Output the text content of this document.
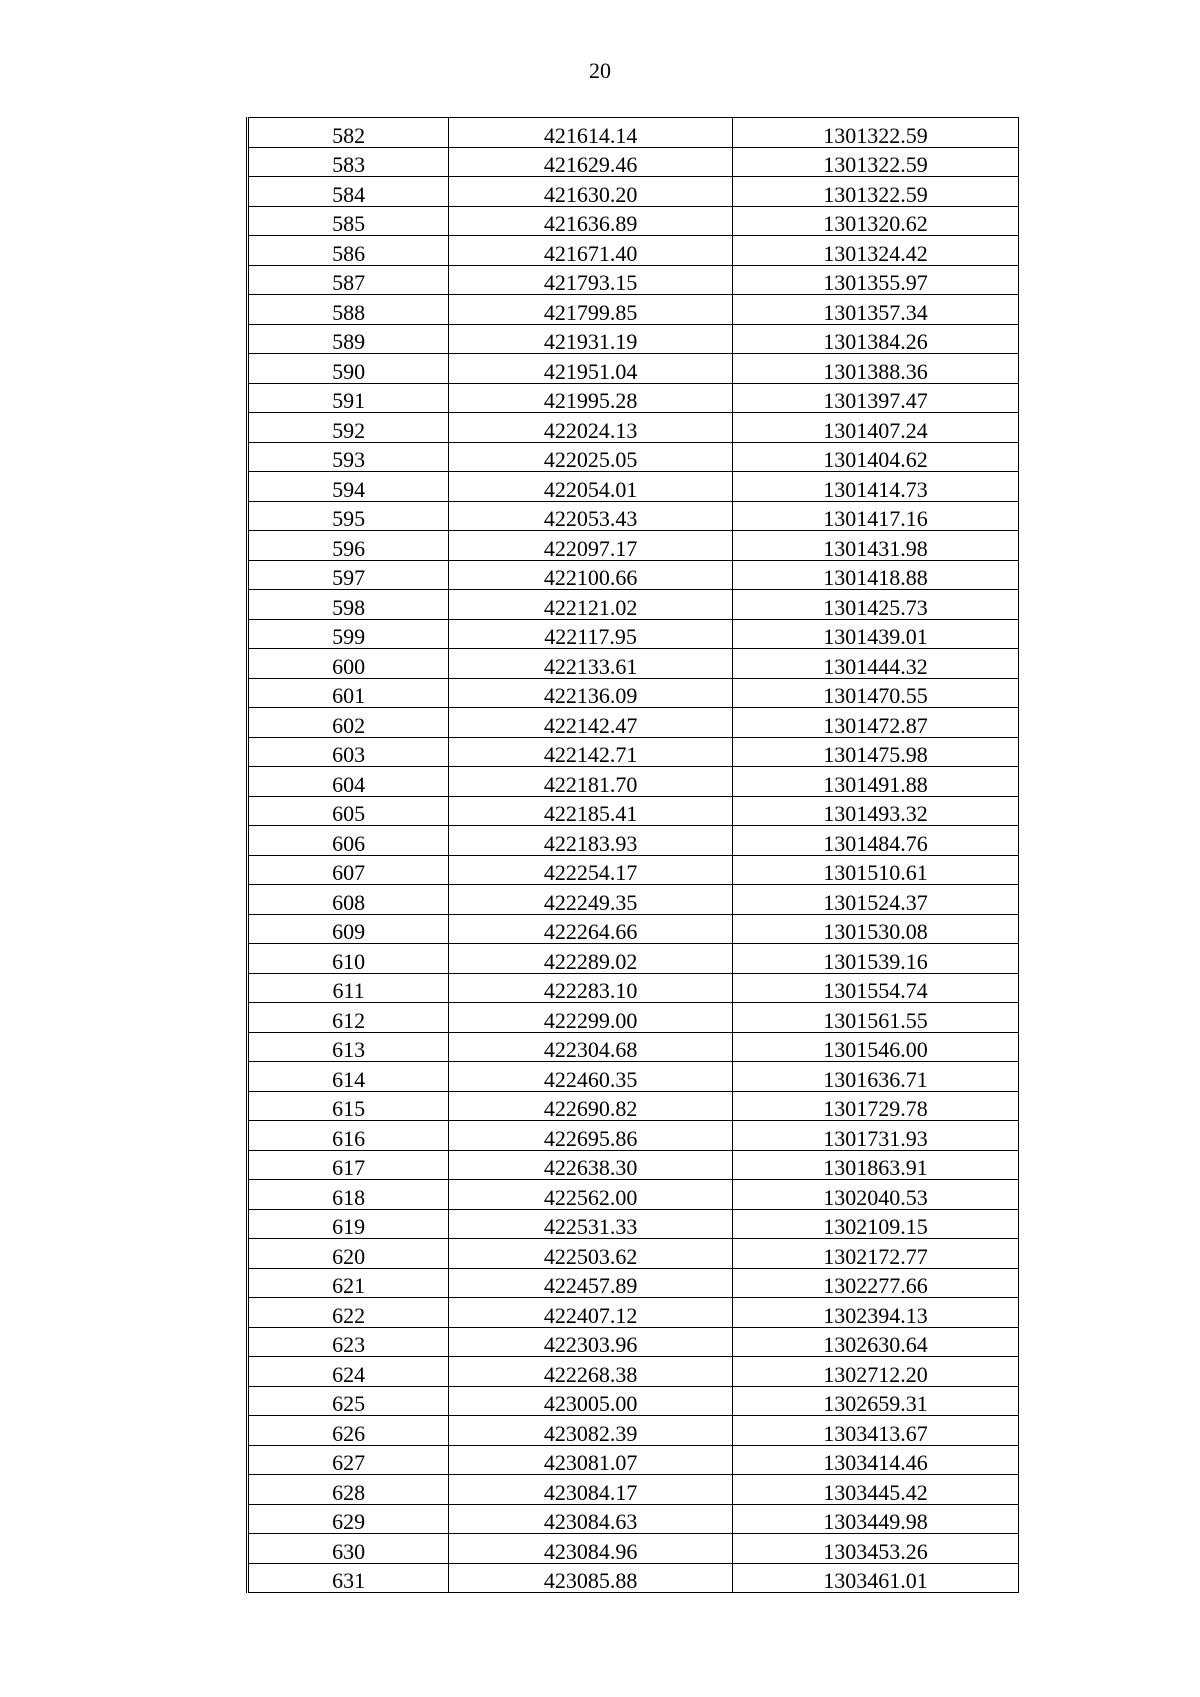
20
582	421614.14	1301322.59
583	421629.46	1301322.59
584	421630.20	1301322.59
585	421636.89	1301320.62
586	421671.40	1301324.42
587	421793.15	1301355.97
588	421799.85	1301357.34
589	421931.19	1301384.26
590	421951.04	1301388.36
591	421995.28	1301397.47
592	422024.13	1301407.24
593	422025.05	1301404.62
594	422054.01	1301414.73
595	422053.43	1301417.16
596	422097.17	1301431.98
597	422100.66	1301418.88
598	422121.02	1301425.73
599	422117.95	1301439.01
600	422133.61	1301444.32
601	422136.09	1301470.55
602	422142.47	1301472.87
603	422142.71	1301475.98
604	422181.70	1301491.88
605	422185.41	1301493.32
606	422183.93	1301484.76
607	422254.17	1301510.61
608	422249.35	1301524.37
609	422264.66	1301530.08
610	422289.02	1301539.16
611	422283.10	1301554.74
612	422299.00	1301561.55
613	422304.68	1301546.00
614	422460.35	1301636.71
615	422690.82	1301729.78
616	422695.86	1301731.93
617	422638.30	1301863.91
618	422562.00	1302040.53
619	422531.33	1302109.15
620	422503.62	1302172.77
621	422457.89	1302277.66
622	422407.12	1302394.13
623	422303.96	1302630.64
624	422268.38	1302712.20
625	423005.00	1302659.31
626	423082.39	1303413.67
627	423081.07	1303414.46
628	423084.17	1303445.42
629	423084.63	1303449.98
630	423084.96	1303453.26
631	423085.88	1303461.01
